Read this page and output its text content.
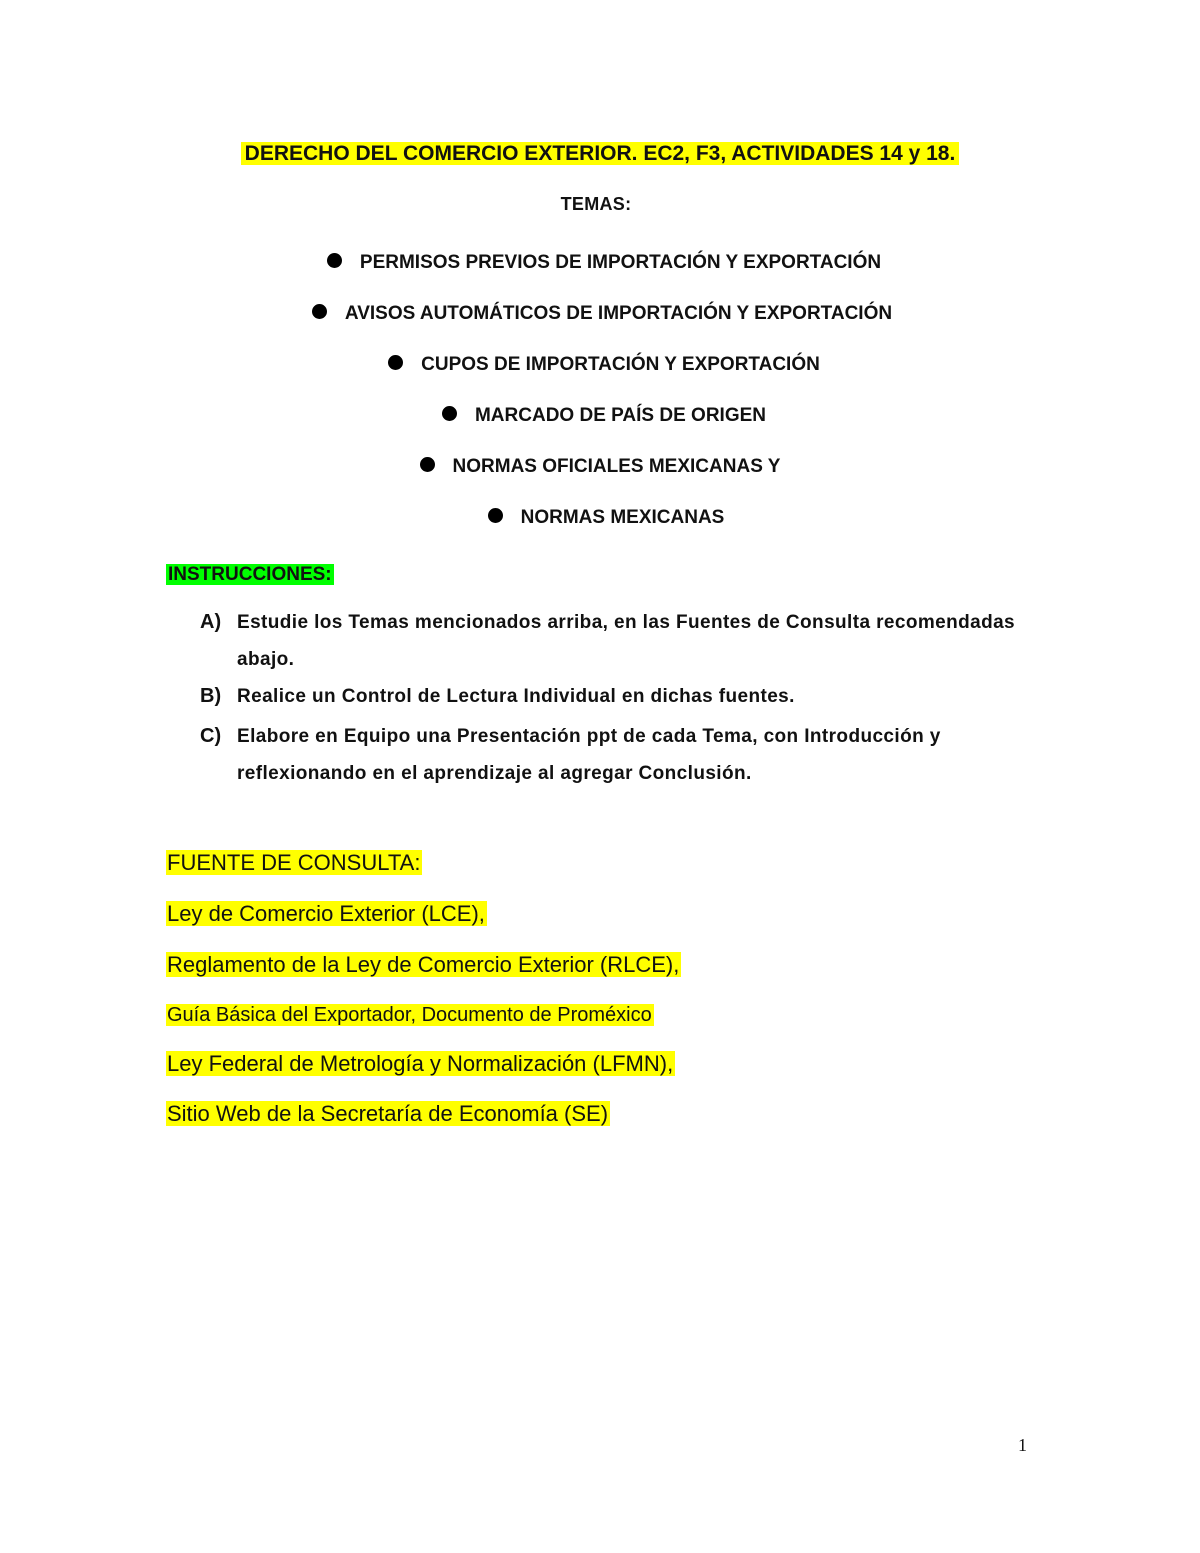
DERECHO DEL COMERCIO EXTERIOR. EC2, F3, ACTIVIDADES 14 y 18.
TEMAS:
PERMISOS PREVIOS DE IMPORTACIÓN Y EXPORTACIÓN
AVISOS AUTOMÁTICOS DE IMPORTACIÓN Y EXPORTACIÓN
CUPOS DE IMPORTACIÓN Y EXPORTACIÓN
MARCADO DE PAÍS DE ORIGEN
NORMAS OFICIALES MEXICANAS Y
NORMAS MEXICANAS
INSTRUCCIONES:
A) Estudie los Temas mencionados arriba, en las Fuentes de Consulta recomendadas abajo.
B) Realice un Control de Lectura Individual en dichas fuentes.
C) Elabore en Equipo una Presentación ppt de cada Tema, con Introducción y reflexionando en el aprendizaje al agregar Conclusión.
FUENTE DE CONSULTA:
Ley de Comercio Exterior (LCE),
Reglamento de la Ley de Comercio Exterior (RLCE),
Guía Básica del Exportador, Documento de Proméxico
Ley Federal de Metrología y Normalización (LFMN),
Sitio Web de la Secretaría de Economía (SE)
1
